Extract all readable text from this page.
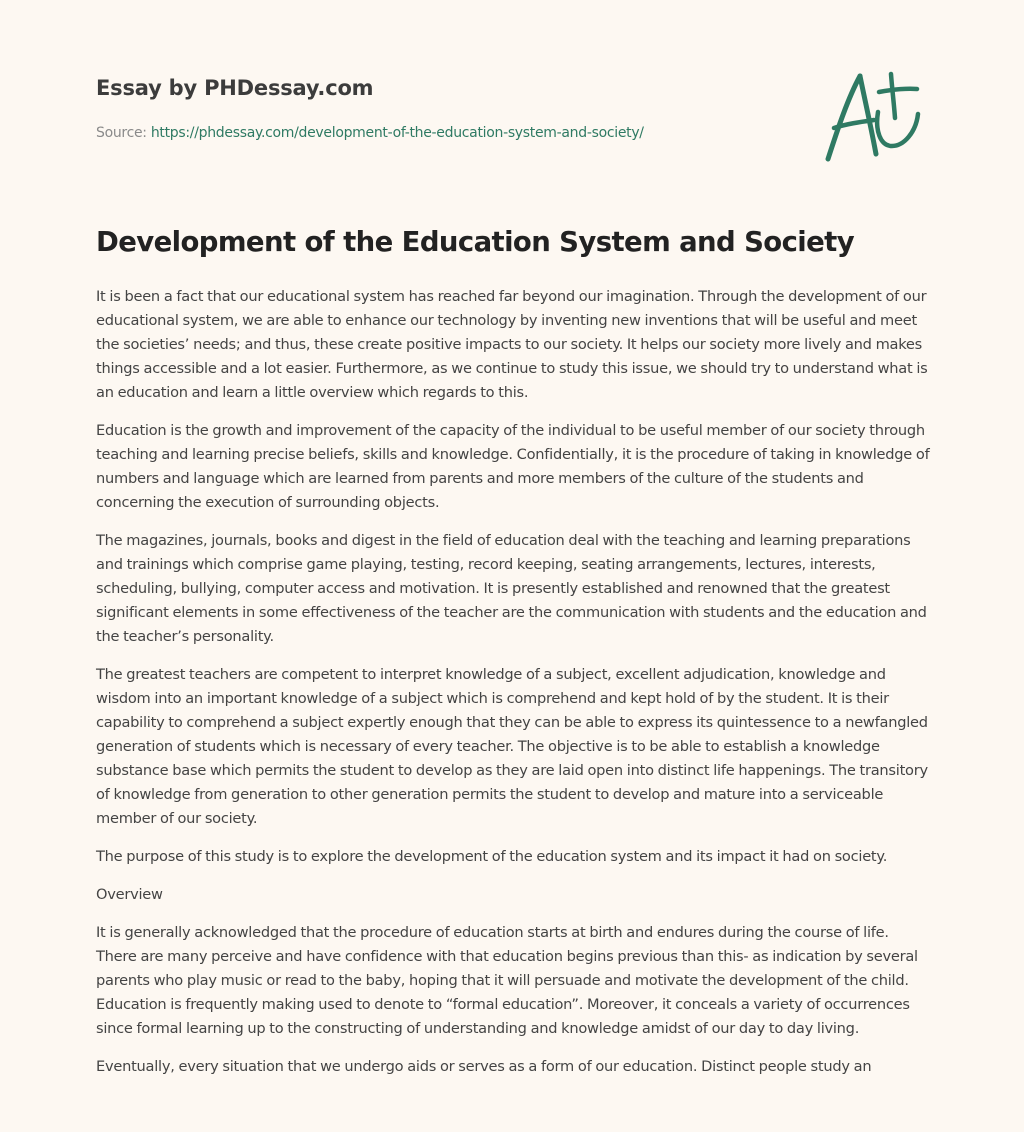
Essay by PHDessay.com
Source: https://phdessay.com/development-of-the-education-system-and-society/
Development of the Education System and Society

It is been a fact that our educational system has reached far beyond our imagination. Through the development of our educational system, we are able to enhance our technology by inventing new inventions that will be useful and meet the societies’ needs; and thus, these create positive impacts to our society. It helps our society more lively and makes things accessible and a lot easier. Furthermore, as we continue to study this issue, we should try to understand what is an education and learn a little overview which regards to this.

Education is the growth and improvement of the capacity of the individual to be useful member of our society through teaching and learning precise beliefs, skills and knowledge. Confidentially, it is the procedure of taking in knowledge of numbers and language which are learned from parents and more members of the culture of the students and concerning the execution of surrounding objects.

The magazines, journals, books and digest in the field of education deal with the teaching and learning preparations and trainings which comprise game playing, testing, record keeping, seating arrangements, lectures, interests, scheduling, bullying, computer access and motivation. It is presently established and renowned that the greatest significant elements in some effectiveness of the teacher are the communication with students and the education and the teacher’s personality.

The greatest teachers are competent to interpret knowledge of a subject, excellent adjudication, knowledge and wisdom into an important knowledge of a subject which is comprehend and kept hold of by the student. It is their capability to comprehend a subject expertly enough that they can be able to express its quintessence to a newfangled generation of students which is necessary of every teacher. The objective is to be able to establish a knowledge substance base which permits the student to develop as they are laid open into distinct life happenings. The transitory of knowledge from generation to other generation permits the student to develop and mature into a serviceable member of our society.

The purpose of this study is to explore the development of the education system and its impact it had on society.

Overview

It is generally acknowledged that the procedure of education starts at birth and endures during the course of life. There are many perceive and have confidence with that education begins previous than this- as indication by several parents who play music or read to the baby, hoping that it will persuade and motivate the development of the child. Education is frequently making used to denote to “formal education”. Moreover, it conceals a variety of occurrences since formal learning up to the constructing of understanding and knowledge amidst of our day to day living.

Eventually, every situation that we undergo aids or serves as a form of our education. Distinct people study an
